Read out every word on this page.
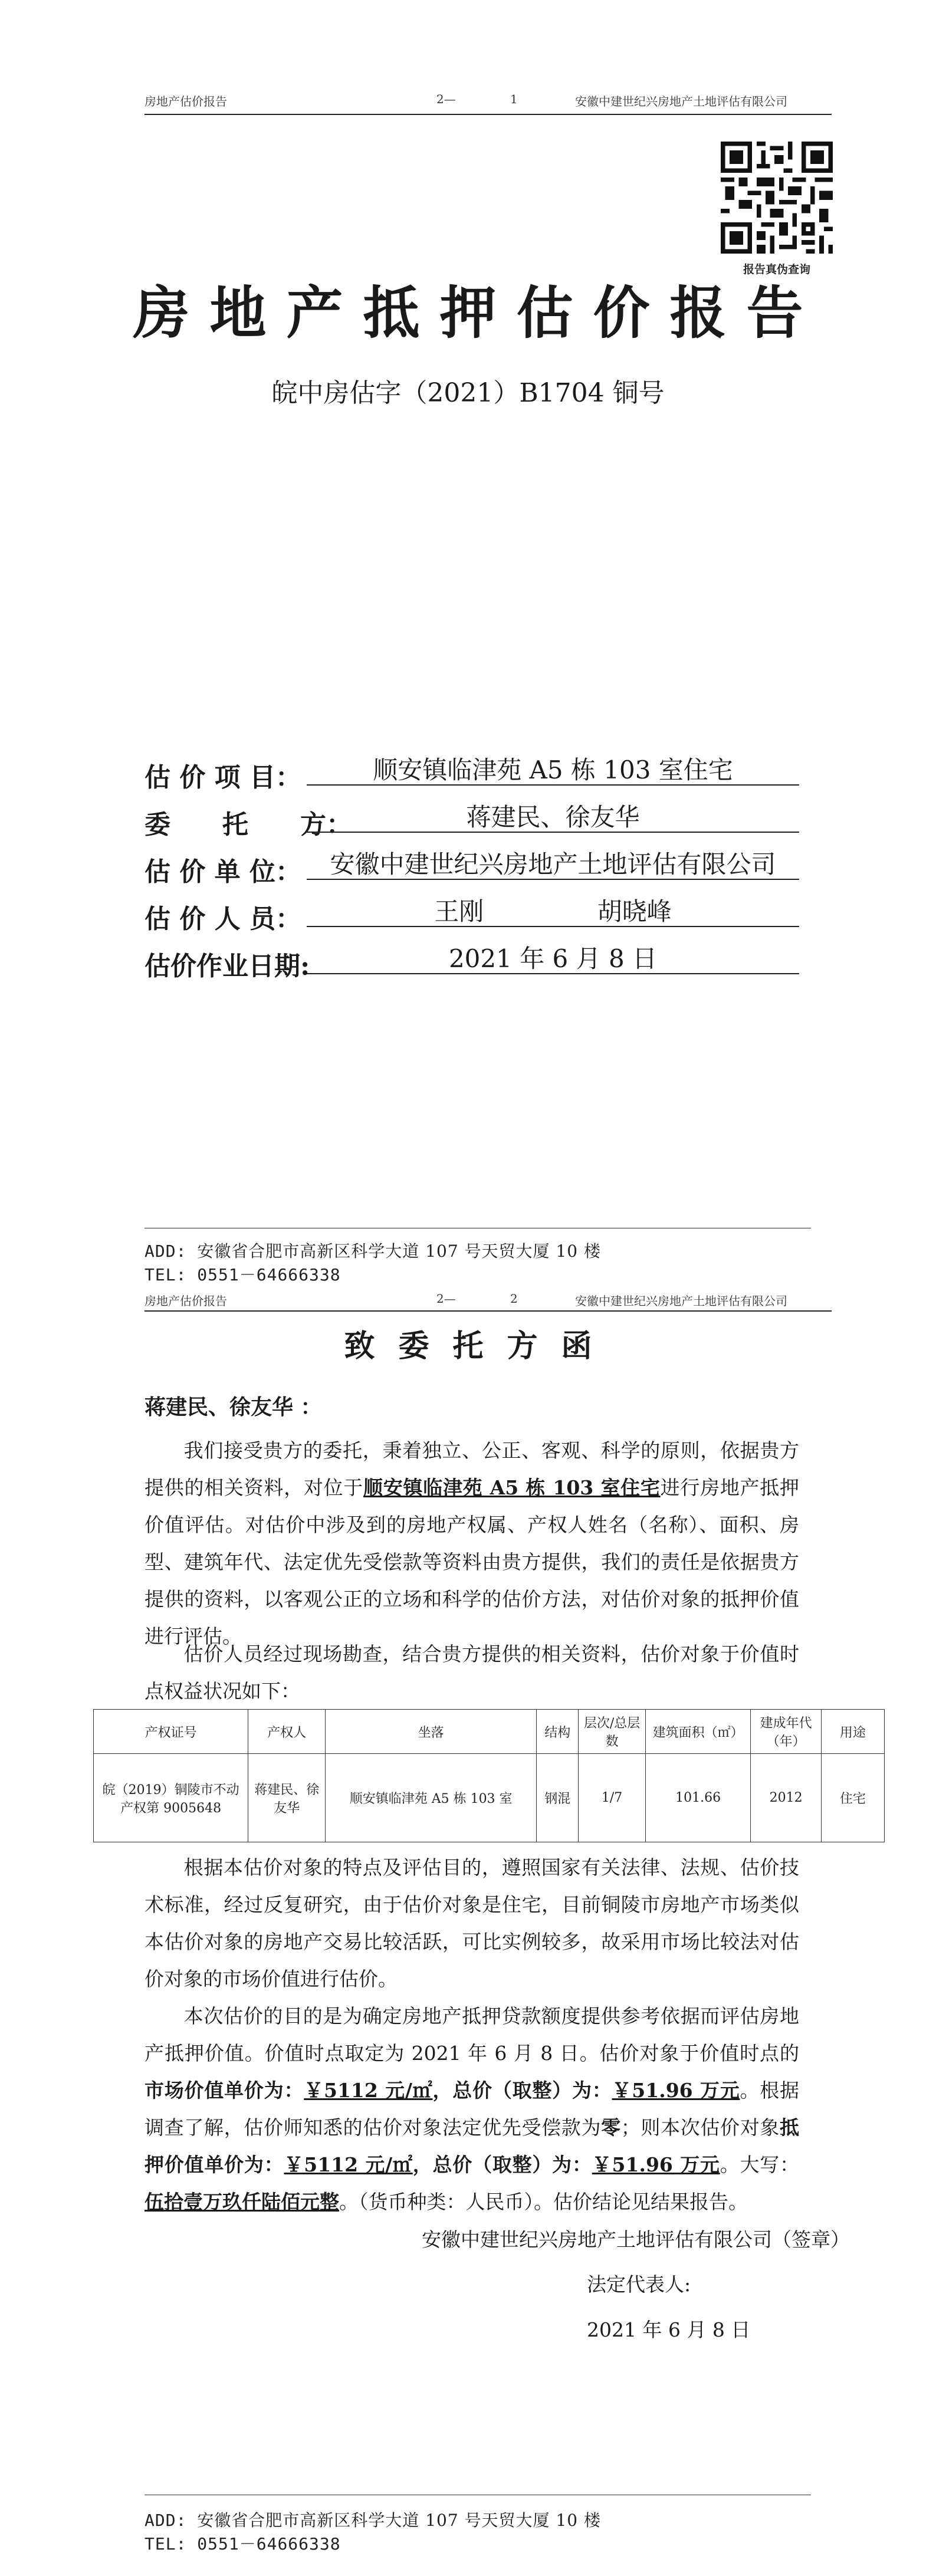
房地产估价报告	2—	1	安徽中建世纪兴房地产土地评估有限公司
报告真伪查询
房地产抵押估价报告
皖中房估字（2021）B1704 铜号
估 价 项 目：	顺安镇临津苑 A5 栋 103 室住宅
委　　托　　方：	蒋建民、徐友华
估 价 单 位：	安徽中建世纪兴房地产土地评估有限公司
估 价 人 员：	王刚	胡晓峰
估价作业日期:	2021 年 6 月 8 日
ADD: 安徽省合肥市高新区科学大道 107 号天贸大厦 10 楼
TEL: 0551－64666338
房地产估价报告	2—	2	安徽中建世纪兴房地产土地评估有限公司
致委托方函
蒋建民、徐友华 ：
我们接受贵方的委托，秉着独立、公正、客观、科学的原则，依据贵方提供的相关资料，对位于顺安镇临津苑 A5 栋 103 室住宅进行房地产抵押价值评估。对估价中涉及到的房地产权属、产权人姓名（名称）、面积、房型、建筑年代、法定优先受偿款等资料由贵方提供，我们的责任是依据贵方提供的资料，以客观公正的立场和科学的估价方法，对估价对象的抵押价值进行评估。
估价人员经过现场勘查，结合贵方提供的相关资料，估价对象于价值时点权益状况如下：
产权证号	产权人	坐落	结构	层次/总层数	建筑面积（㎡）	建成年代（年）	用途
皖（2019）铜陵市不动产权第 9005648	蒋建民、徐友华	顺安镇临津苑 A5 栋 103 室	钢混	1/7	101.66	2012	住宅
根据本估价对象的特点及评估目的，遵照国家有关法律、法规、估价技术标准，经过反复研究，由于估价对象是住宅，目前铜陵市房地产市场类似本估价对象的房地产交易比较活跃，可比实例较多，故采用市场比较法对估价对象的市场价值进行估价。
本次估价的目的是为确定房地产抵押贷款额度提供参考依据而评估房地产抵押价值。价值时点取定为 2021 年 6 月 8 日。估价对象于价值时点的市场价值单价为：￥5112 元/㎡，总价（取整）为：￥51.96 万元。根据调查了解，估价师知悉的估价对象法定优先受偿款为零；则本次估价对象抵押价值单价为：￥5112 元/㎡，总价（取整）为：￥51.96 万元。大写：伍拾壹万玖仟陆佰元整。（货币种类：人民币）。估价结论见结果报告。
安徽中建世纪兴房地产土地评估有限公司（签章）
法定代表人:
2021 年 6 月 8 日
ADD: 安徽省合肥市高新区科学大道 107 号天贸大厦 10 楼
TEL: 0551－64666338
